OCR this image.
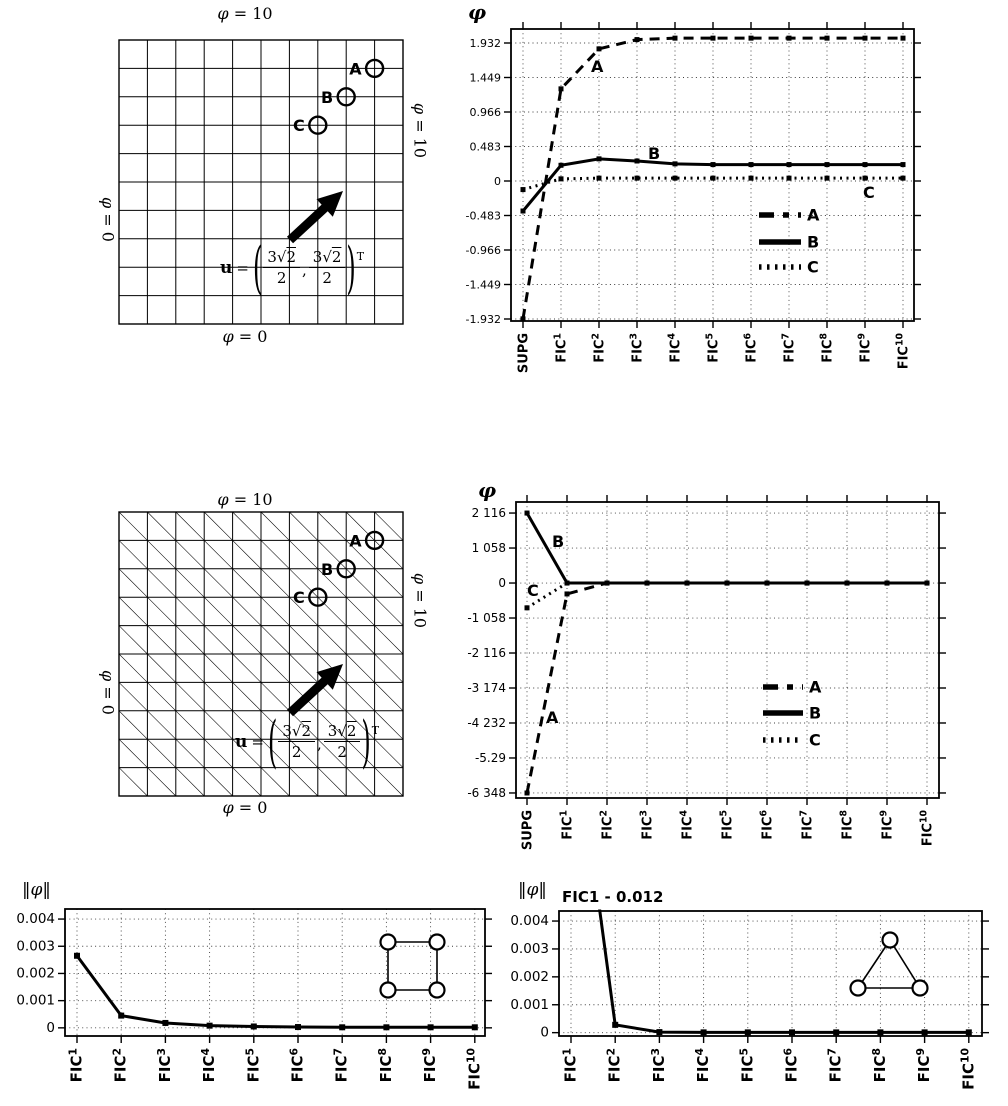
A
B
C
φ = 10
φ = 0
φ = 0
φ = 10
u = ( $\frac{3√2}{2}$ , $\frac{3√2}{2}$ ) T
1.932
1.449
0.966
0.483
0
-0.483
-0.966
-1.449
-1.932
SUPG FIC$^1$
FIC$^2$
FIC$^3$
FIC$^4$
FIC$^5$
FIC$^6$
FIC$^7$
FIC$^8$
FIC$^9$
FIC$^{10}$
A
B
C
A
B
C
φ
A
B
C
φ = 10
φ = 0
φ = 0
φ = 10
u = ( $\frac{3√2}{2}$ , $\frac{3√2}{2}$ ) T
2 116
1 058
0
-1 058
-2 116
-3 174
-4 232
-5.29
-6 348
SUPG FIC$^1$
FIC$^2$
FIC$^3$
FIC$^4$
FIC$^5$
FIC$^6$
FIC$^7$
FIC$^8$
FIC$^9$
FIC$^{10}$
A
B
C
A
B
C
φ
0.004
0.003
0.002
0.001
0
FIC$^1$
FIC$^2$
FIC$^3$
FIC$^4$
FIC$^5$
FIC$^6$
FIC$^7$
FIC$^8$
FIC$^9$
FIC$^{10}$
‖φ‖
0.004
0.003
0.002
0.001
0
FIC$^1$
FIC$^2$
FIC$^3$
FIC$^4$
FIC$^5$
FIC$^6$
FIC$^7$
FIC$^8$
FIC$^9$
FIC$^{10}$
‖φ‖ FIC1 - 0.012
